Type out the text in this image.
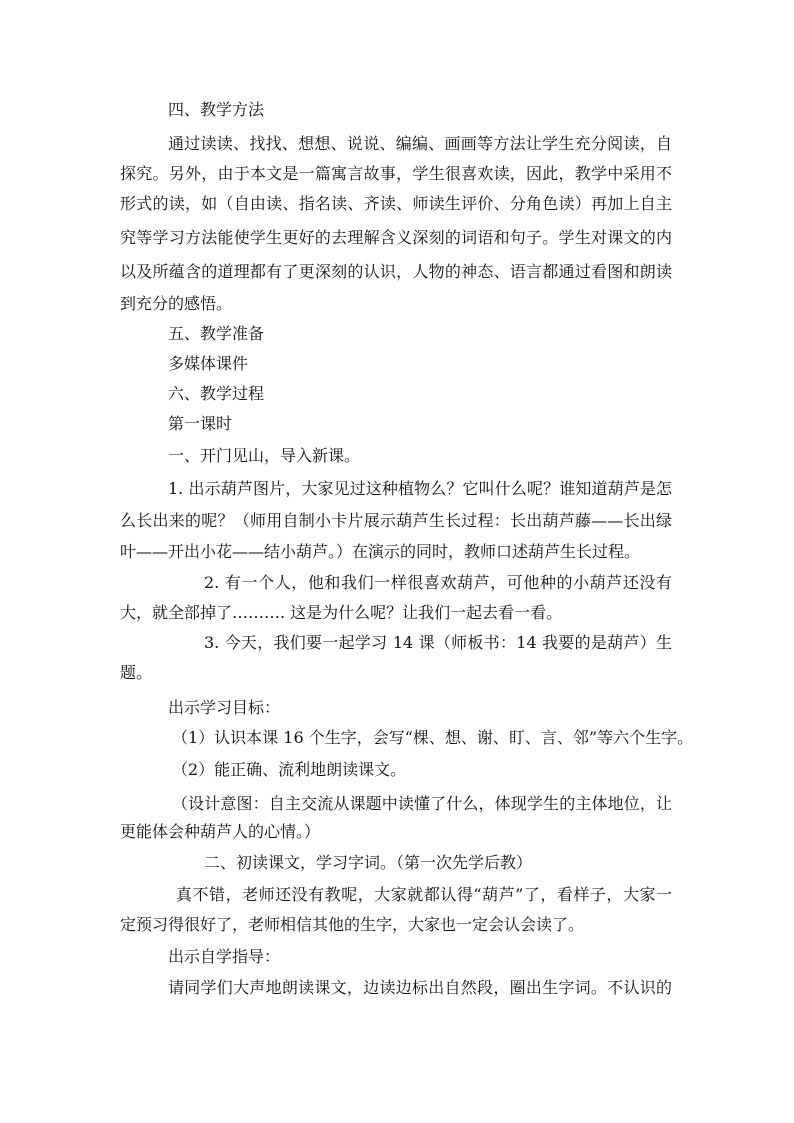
四、教学方法

通过读读、找找、想想、说说、编编、画画等方法让学生充分阅读，自

探究。另外，由于本文是一篇寓言故事，学生很喜欢读，因此，教学中采用不

形式的读，如（自由读、指名读、齐读、师读生评价、分角色读）再加上自主

究等学习方法能使学生更好的去理解含义深刻的词语和句子。学生对课文的内

以及所蕴含的道理都有了更深刻的认识，人物的神态、语言都通过看图和朗读

到充分的感悟。

五、教学准备

多媒体课件

六、教学过程

第一课时

一、开门见山，导入新课。

1. 出示葫芦图片，大家见过这种植物么？它叫什么呢？谁知道葫芦是怎

么长出来的呢？（师用自制小卡片展示葫芦生长过程：长出葫芦藤——长出绿

叶——开出小花——结小葫芦。）在演示的同时，教师口述葫芦生长过程。

2. 有一个人，他和我们一样很喜欢葫芦，可他种的小葫芦还没有

大，就全部掉了………. 这是为什么呢？让我们一起去看一看。

3. 今天，我们要一起学习 14 课（师板书：14 我要的是葫芦）生

题。

出示学习目标：

（1）认识本课 16 个生字，会写“棵、想、谢、盯、言、邻”等六个生字。

（2）能正确、流利地朗读课文。

（设计意图：自主交流从课题中读懂了什么，体现学生的主体地位，让

更能体会种葫芦人的心情。）

二、初读课文，学习字词。（第一次先学后教）

真不错，老师还没有教呢，大家就都认得“葫芦”了，看样子，大家一

定预习得很好了，老师相信其他的生字，大家也一定会认会读了。

出示自学指导：

请同学们大声地朗读课文，边读边标出自然段，圈出生字词。不认识的
